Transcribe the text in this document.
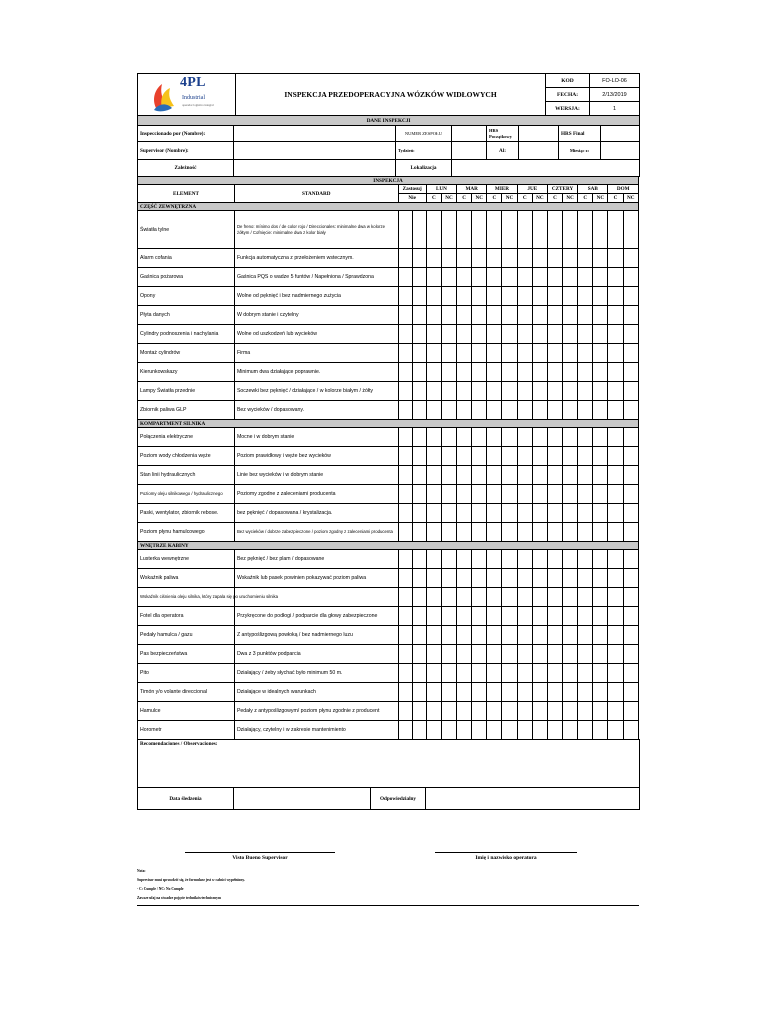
4PL
Industrial
operador logístico integral	INSPEKCJA PRZEDOPERACYJNA WÓZKÓW WIDŁOWYCH	KOD	FO-LO-06
		FECHA:	2/13/2019
		WERSJA:	1
DANE INSPEKCJI							
Inspeccionado por (Nombre):		NUMER ZESPOŁU		HRS Początkowy		HRS Final	
Supervisor (Nombre):		Tydzień:		Al:		Miesiąc z:	
Zależność		Lokalizacja					
INSPEKCJA																	
ELEMENT	STANDARD	Zastosuj		LUN		MAR		MIER		JUE		CZTERY		SAB		DOM	
		Nie		C	NC	C	NC	C	NC	C	NC	C	NC	C	NC	C	NC
CZĘŚĆ ZEWNĘTRZNA																	
Światła tylne	De freno: mínimo dos / de color rojo / Direccionales: minimalne dwa w kolorze żółtym / Cofnięcie: minimalne dwa z kolor biały																
Alarm cofania	Funkcja automatyczna z przełożeniem wstecznym.																
Gaśnica pożarowa	Gaśnica PQS o wadze 5 funtów / Napełniona / Sprawdzona																
Opony	Wolne od pęknięć i bez nadmiernego zużycia																
Płyta danych	W dobrym stanie i czytelny																
Cylindry podnoszenia i nachylania	Wolne od uszkodzeń lub wycieków																
Montaż cylindrów	Firma																
Kierunkowskazy	Minimum dwa działające poprawnie.																
Lampy Światła przednie	Soczewki bez pęknięć / działające / w kolorze białym / żółty																
Zbiornik paliwa GLP	Bez wycieków / dopasowany.																
KOMPARTMENT SILNIKA																	
Połączenia elektryczne	Mocne i w dobrym stanie																
Poziom wody chłodzenia węże	Poziom prawidłowy i węże bez wycieków																
Stan linii hydraulicznych	Linie bez wycieków i w dobrym stanie																
Poziomy oleju silnikowego / hydraulicznego	Poziomy zgodne z zaleceniami producenta																
Paski, wentylator, zbiornik rebose.	bez pęknięć / dopasowana / krystalizacja.																
Poziom płynu hamulcowego	Bez wycieków / dobrze zabezpieczone / poziom zgodny z zaleceniami producenta																
WNĘTRZE KABINY																	
Lusterka wewnętrzne	Bez pęknięć / bez plam / dopasowane																
Wskaźnik paliwa	Wskaźnik lub pasek powinien pokazywać poziom paliwa																
Wskaźnik ciśnienia oleju silnika, który zapala się po uruchomieniu silnika																	
Fotel dla operatora	Przykręcone do podłogi / podparcie dla głowy zabezpieczone																
Pedały hamulca / gazu	Z antypoślizgową powłoką / bez nadmiernego luzu																
Pas bezpieczeństwa	Dwa z 3 punktów podparcia																
Pito	Działający / żeby słychać było minimum 50 m.																
Timón y/o volante direccional	Działające w idealnych warunkach																
Hamulce	Pedały z antypoślizgowym/ poziom płynu zgodnie z producent																
Horometr	Działający, czytelny i w zakresie mantenimiento																
Recomendaciones / Observaciones:
Data śledzenia		Odpowiedzialny	
Visto Bueno Supervisor	Imię i nazwisko operatora
Nota:
Supervisor musi sprawdzić się, że formularz jest w całości wypełniony.
- C: Cumple / NC: No Cumple
Zawsze ufaj na stwadze pojęcie technikówtechnicznym
